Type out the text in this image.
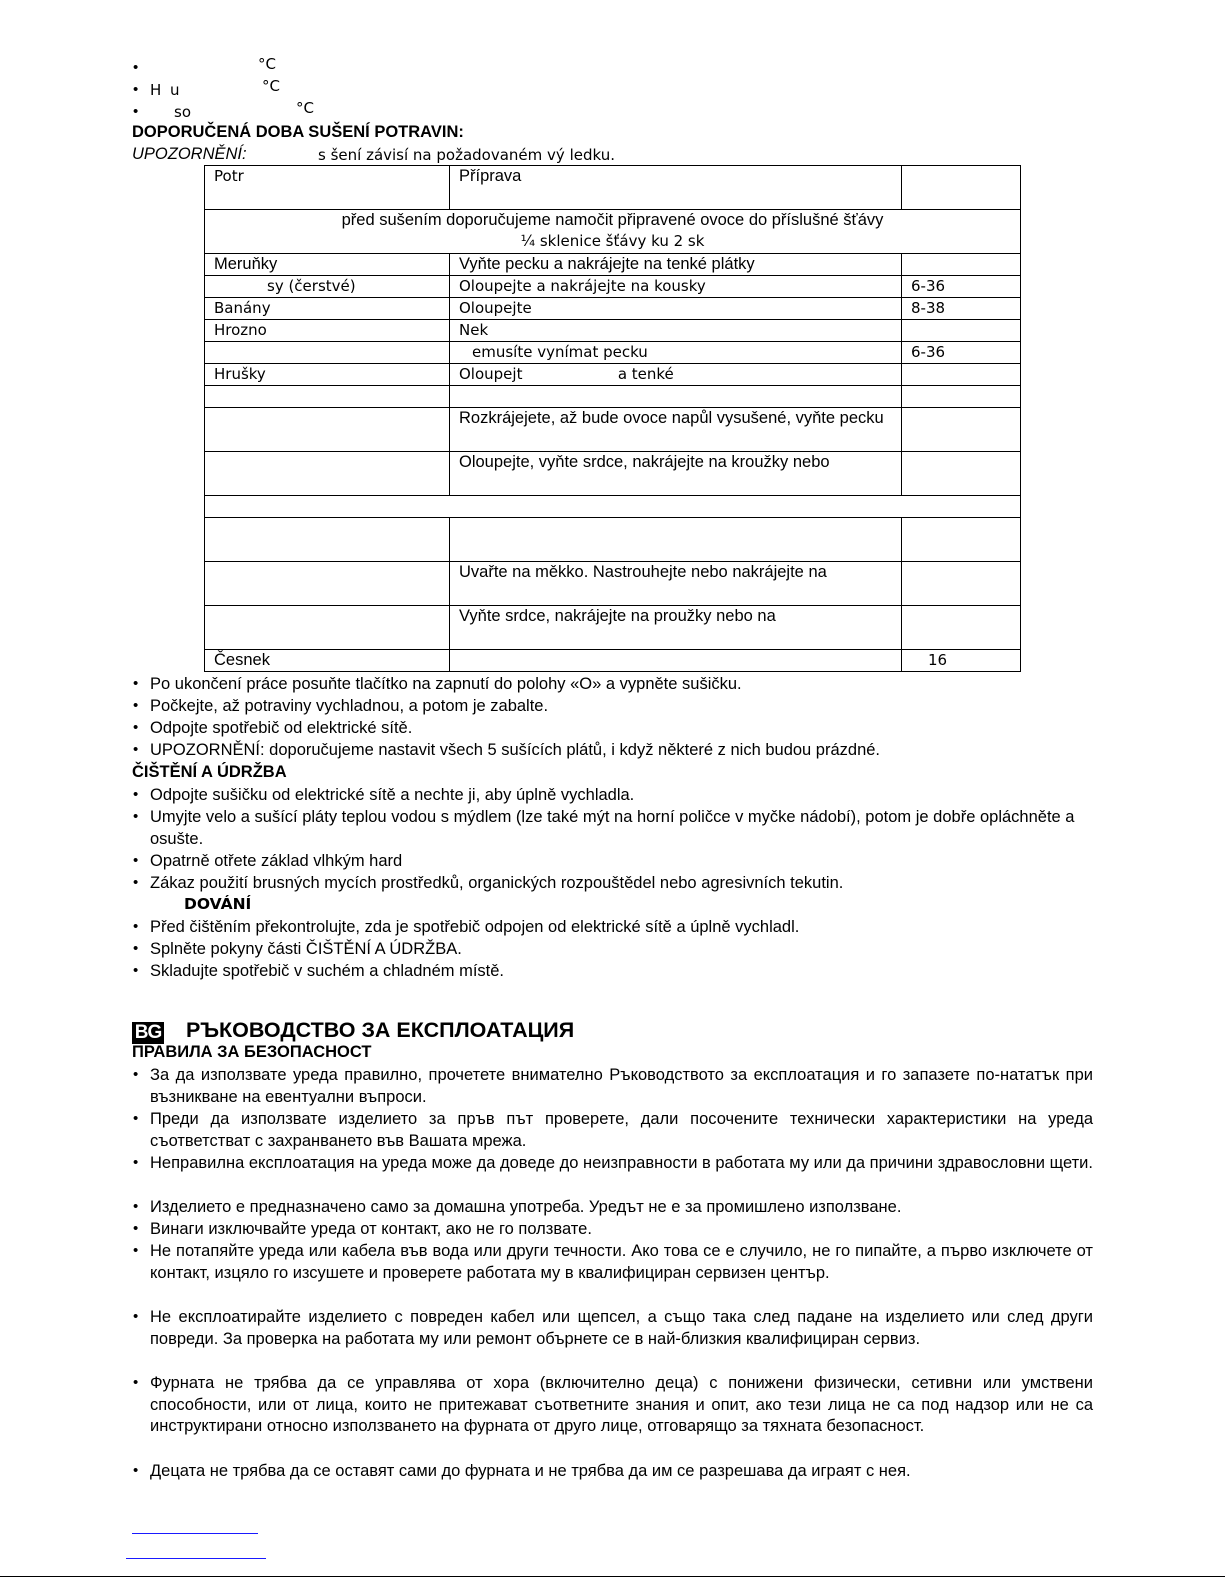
•	°C
• H u	°C
•	so	°C
DOPORUČENÁ DOBA SUŠENÍ POTRAVIN:
UPOZORNĚNÍ:	s šení závisí na požadovaném vý ledku.
Potr	Příprava	

před sušením doporučujeme namočit připravené ovoce do příslušné šťávy
¼ sklenice šťávy ku 2 sk		

Meruňky	Vyňte pecku a nakrájejte na tenké plátky	
sy (čerstvé)	Oloupejte a nakrájejte na kousky	6-36
Banány	Oloupejte	8-38
Hrozno	Nek	
	emusíte vynímat pecku	6-36
Hrušky	Oloupejt                    a tenké	

	Rozkrájejete, až bude ovoce napůl vysušené, vyňte pecku	
	Oloupejte, vyňte srdce, nakrájejte na kroužky nebo	

	Uvařte na měkko. Nastrouhejte nebo nakrájejte na	
	Vyňte srdce, nakrájejte na proužky nebo na	
Česnek		16
• Po ukončení práce posuňte tlačítko na zapnutí do polohy «O» a vypněte sušičku.
• Počkejte, až potraviny vychladnou, a potom je zabalte.
• Odpojte spotřebič od elektrické sítě.
• UPOZORNĚNÍ: doporučujeme nastavit všech 5 sušících plátů, i když některé z nich budou prázdné.
ČIŠTĚNÍ A ÚDRŽBA
• Odpojte sušičku od elektrické sítě a nechte ji, aby úplně vychladla.
• Umyjte velo a sušící pláty teplou vodou s mýdlem (lze také mýt na horní poličce v myčke nádobí), potom je dobře opláchněte a osušte.
• Opatrně otřete základ vlhkým hard
• Zákaz použití brusných mycích prostředků, organických rozpouštědel nebo agresivních tekutin.
DOVÁNÍ
• Před čištěním překontrolujte, zda je spotřebič odpojen od elektrické sítě a úplně vychladl.
• Splněte pokyny části ČIŠTĚNÍ A ÚDRŽBA.
• Skladujte spotřebič v suchém a chladném místě.
BG РЪКОВОДСТВО ЗА ЕКСПЛОАТАЦИЯ
ПРАВИЛА ЗА БЕЗОПАСНОСТ
• За да използвате уреда правилно, прочетете внимателно Ръководството за експлоатация и го запазете по-нататък при възникване на евентуални въпроси.
• Преди да използвате изделието за пръв път проверете, дали посочените технически характеристики на уреда съответстват с захранването във Вашата мрежа.
• Неправилна експлоатация на уреда може да доведе до неизправности в работата му или да причини здравословни щети.
• Изделието е предназначено само за домашна употреба. Уредът не е за промишлено използване.
• Винаги изключвайте уреда от контакт, ако не го ползвате.
• Не потапяйте уреда или кабела във вода или други течности. Ако това се е случило, не го пипайте, а първо изключете от контакт, изцяло го изсушете и проверете работата му в квалифициран сервизен център.
• Не експлоатирайте изделието с повреден кабел или щепсел, а също така след падане на изделието или след други повреди. За проверка на работата му или ремонт обърнете се в най-близкия квалифициран сервиз.
• Фурната не трябва да се управлява от хора (включително деца) с понижени физически, сетивни или умствени способности, или от лица, които не притежават съответните знания и опит, ако тези лица не са под надзор или не са инструктирани относно използването на фурната от друго лице, отговарящо за тяхната безопасност.
• Децата не трябва да се оставят сами до фурната и не трябва да им се разрешава да играят с нея.
